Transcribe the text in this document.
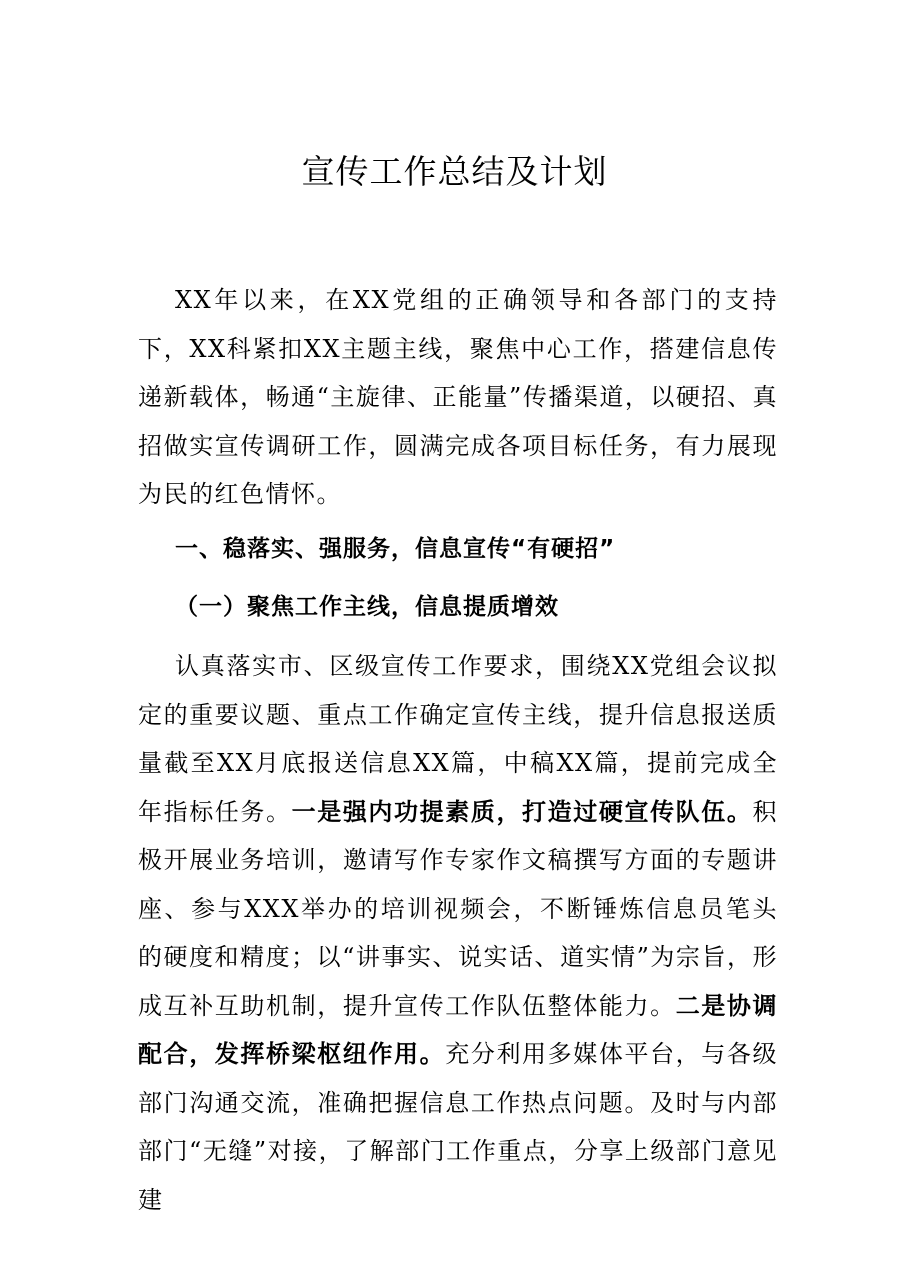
宣传工作总结及计划

XX年以来，在XX党组的正确领导和各部门的支持下，XX科紧扣XX主题主线，聚焦中心工作，搭建信息传递新载体，畅通“主旋律、正能量”传播渠道，以硬招、真招做实宣传调研工作，圆满完成各项目标任务，有力展现为民的红色情怀。

一、稳落实、强服务，信息宣传“有硬招”
（一）聚焦工作主线，信息提质增效

认真落实市、区级宣传工作要求，围绕XX党组会议拟定的重要议题、重点工作确定宣传主线，提升信息报送质量截至XX月底报送信息XX篇，中稿XX篇，提前完成全年指标任务。一是强内功提素质，打造过硬宣传队伍。积极开展业务培训，邀请写作专家作文稿撰写方面的专题讲座、参与XXX举办的培训视频会，不断锤炼信息员笔头的硬度和精度；以“讲事实、说实话、道实情”为宗旨，形成互补互助机制，提升宣传工作队伍整体能力。二是协调配合，发挥桥梁枢纽作用。充分利用多媒体平台，与各级部门沟通交流，准确把握信息工作热点问题。及时与内部部门“无缝”对接，了解部门工作重点，分享上级部门意见建
